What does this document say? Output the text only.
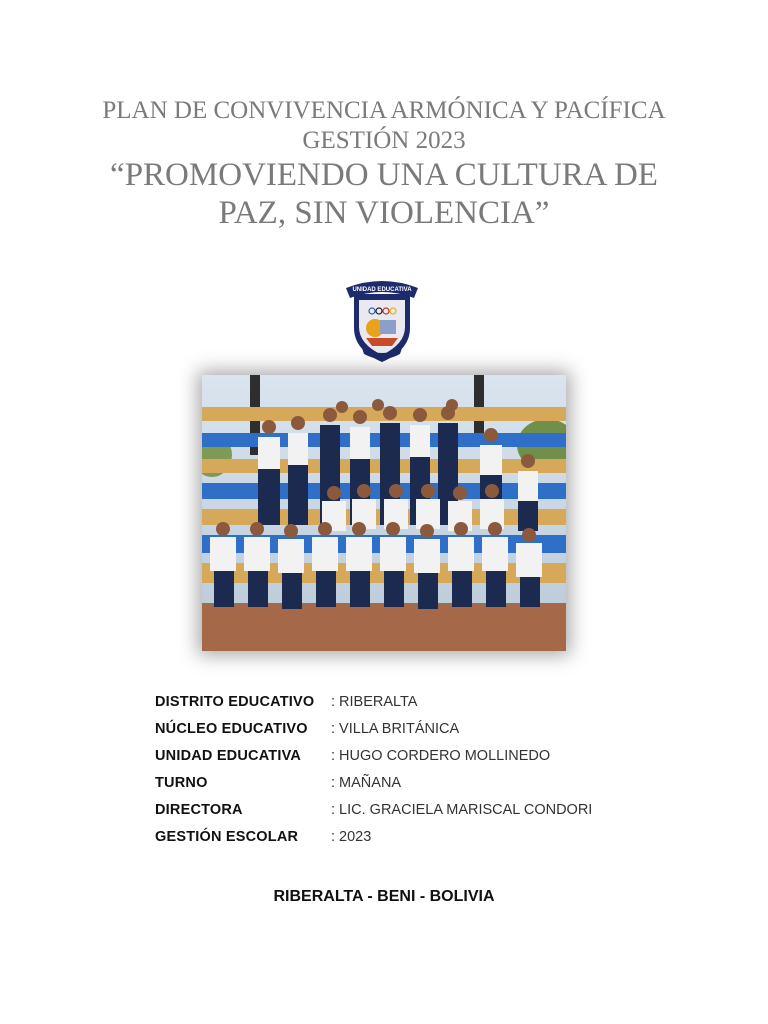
PLAN DE CONVIVENCIA ARMÓNICA Y PACÍFICA
GESTIÓN 2023
“PROMOVIENDO UNA CULTURA DE PAZ, SIN VIOLENCIA”
UNIDAD EDUCATIVA
DISTRITO EDUCATIVO	: RIBERALTA
NÚCLEO EDUCATIVO	: VILLA BRITÁNICA
UNIDAD EDUCATIVA	: HUGO CORDERO MOLLINEDO
TURNO	: MAÑANA
DIRECTORA	: LIC. GRACIELA MARISCAL CONDORI
GESTIÓN ESCOLAR	: 2023
RIBERALTA - BENI - BOLIVIA
